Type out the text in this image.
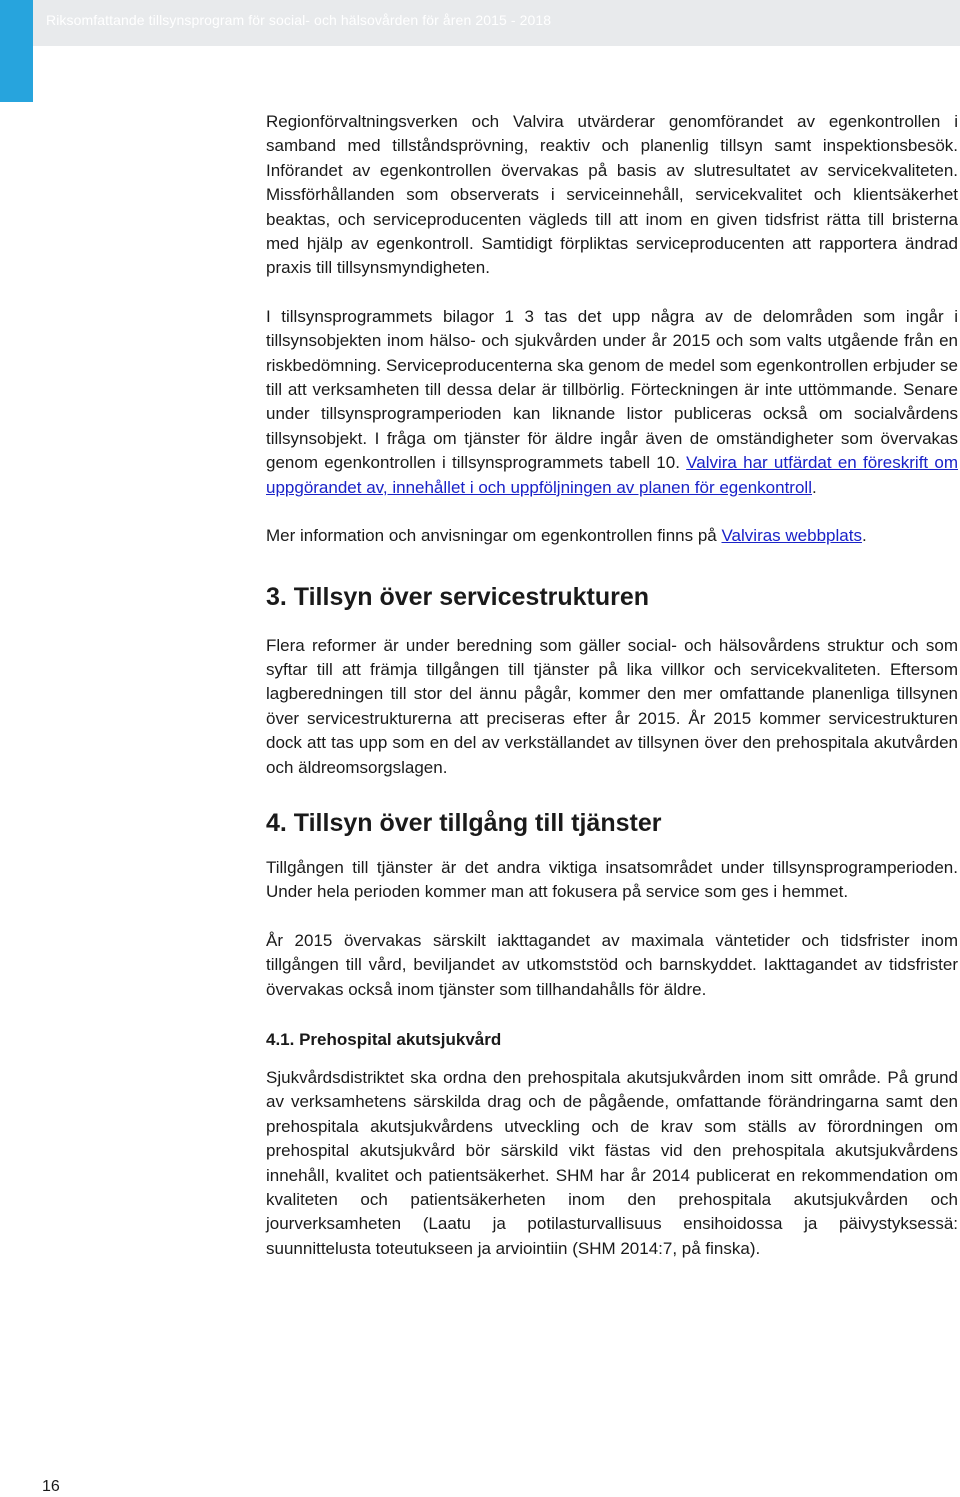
Riksomfattande tillsynsprogram för social- och hälsovården för åren 2015 - 2018

Regionförvaltningsverken och Valvira utvärderar genomförandet av egenkontrollen i samband med tillståndsprövning, reaktiv och planenlig tillsyn samt inspektionsbesök. Införandet av egenkontrollen övervakas på basis av slutresultatet av servicekvaliteten. Missförhållanden som observerats i serviceinnehåll, servicekvalitet och klientsäkerhet beaktas, och serviceproducenten vägleds till att inom en given tidsfrist rätta till bristerna med hjälp av egenkontroll. Samtidigt förpliktas serviceproducenten att rapportera ändrad praxis till tillsynsmyndigheten.

I tillsynsprogrammets bilagor 1 3 tas det upp några av de delområden som ingår i tillsynsobjekten inom hälso- och sjukvården under år 2015 och som valts utgående från en riskbedömning. Serviceproducenterna ska genom de medel som egenkontrollen erbjuder se till att verksamheten till dessa delar är tillbörlig. Förteckningen är inte uttömmande. Senare under tillsynsprogramperioden kan liknande listor publiceras också om socialvårdens tillsynsobjekt. I fråga om tjänster för äldre ingår även de omständigheter som övervakas genom egenkontrollen i tillsynsprogrammets tabell 10. Valvira har utfärdat en föreskrift om uppgörandet av, innehållet i och uppföljningen av planen för egenkontroll.

Mer information och anvisningar om egenkontrollen finns på Valviras webbplats.

3. Tillsyn över servicestrukturen

Flera reformer är under beredning som gäller social- och hälsovårdens struktur och som syftar till att främja tillgången till tjänster på lika villkor och servicekvaliteten. Eftersom lagberedningen till stor del ännu pågår, kommer den mer omfattande planenliga tillsynen över servicestrukturerna att preciseras efter år 2015. År 2015 kommer servicestrukturen dock att tas upp som en del av verkställandet av tillsynen över den prehospitala akutvården och äldreomsorgslagen.

4. Tillsyn över tillgång till tjänster

Tillgången till tjänster är det andra viktiga insatsområdet under tillsynsprogramperioden. Under hela perioden kommer man att fokusera på service som ges i hemmet.

År 2015 övervakas särskilt iakttagandet av maximala väntetider och tidsfrister inom tillgången till vård, beviljandet av utkomststöd och barnskyddet. Iakttagandet av tidsfrister övervakas också inom tjänster som tillhandahålls för äldre.

4.1. Prehospital akutsjukvård

Sjukvårdsdistriktet ska ordna den prehospitala akutsjukvården inom sitt område. På grund av verksamhetens särskilda drag och de pågående, omfattande förändringarna samt den prehospitala akutsjukvårdens utveckling och de krav som ställs av förordningen om prehospital akutsjukvård bör särskild vikt fästas vid den prehospitala akutsjukvårdens innehåll, kvalitet och patientsäkerhet. SHM har år 2014 publicerat en rekommendation om kvaliteten och patientsäkerheten inom den prehospitala akutsjukvården och jourverksamheten (Laatu ja potilasturvallisuus ensihoidossa ja päivystyksessä: suunnittelusta toteutukseen ja arviointiin (SHM 2014:7, på finska).

16
